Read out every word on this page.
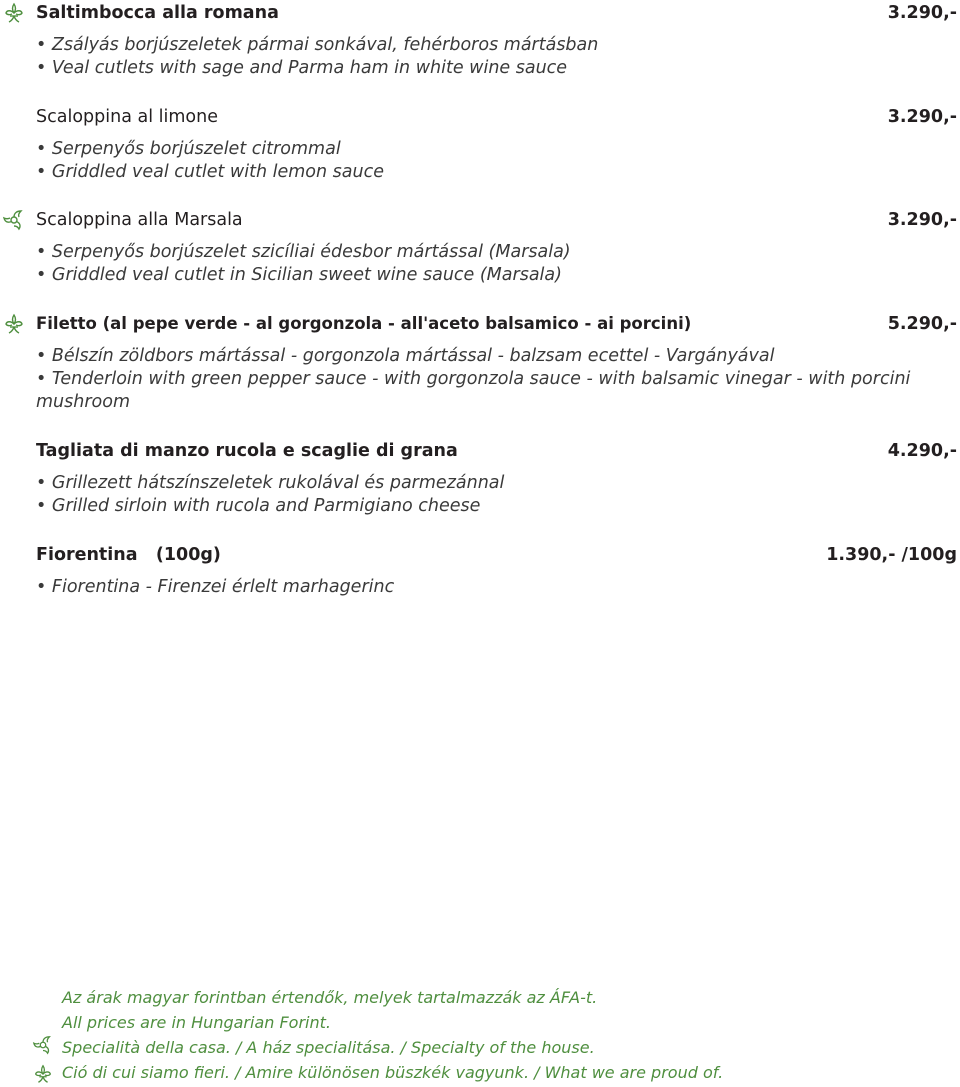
Saltimbocca alla romana	3.290,-
• Zsályás borjúszeletek pármai sonkával, fehérboros mártásban
• Veal cutlets with sage and Parma ham in white wine sauce
Scaloppina al limone	3.290,-
• Serpenyős borjúszelet citrommal
• Griddled veal cutlet with lemon sauce
Scaloppina alla Marsala	3.290,-
• Serpenyős borjúszelet szicíliai édesbor mártással (Marsala)
• Griddled veal cutlet in Sicilian sweet wine sauce (Marsala)
Filetto (al pepe verde - al gorgonzola - all'aceto balsamico - ai porcini)	5.290,-
• Bélszín zöldbors mártással - gorgonzola mártással - balzsam ecettel - Vargányával
• Tenderloin with green pepper sauce - with gorgonzola sauce - with balsamic vinegar - with porcini mushroom
Tagliata di manzo rucola e scaglie di grana	4.290,-
• Grillezett hátszínszeletek rukolával és parmezánnal
• Grilled sirloin with rucola and Parmigiano cheese
Fiorentina   (100g)	1.390,- /100g
• Fiorentina - Firenzei érlelt marhagerinc
Az árak magyar forintban értendők, melyek tartalmazzák az ÁFA-t.
All prices are in Hungarian Forint.
Specialità della casa. / A ház specialitása. / Specialty of the house.
Ció di cui siamo fieri. / Amire különösen büszkék vagyunk. / What we are proud of.
